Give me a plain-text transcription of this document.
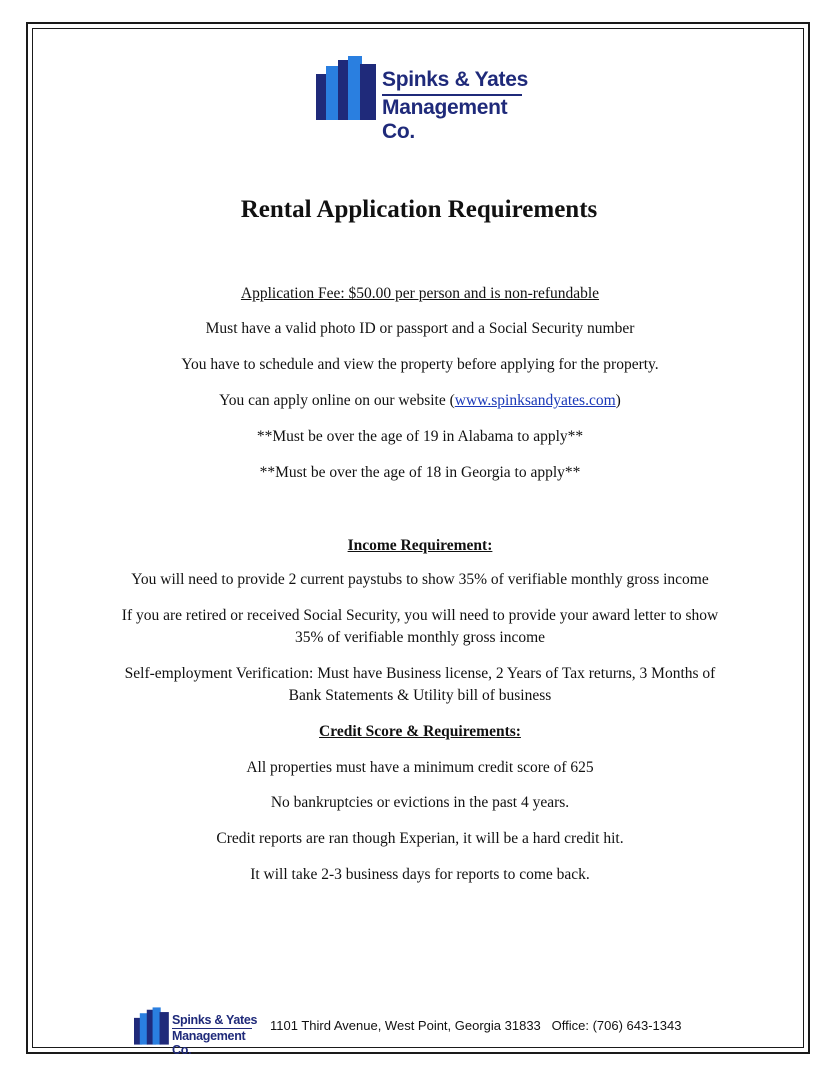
Spinks & Yates
Management Co.
Rental Application Requirements
Application Fee: $50.00 per person and is non-refundable
Must have a valid photo ID or passport and a Social Security number
You have to schedule and view the property before applying for the property.
You can apply online on our website (www.spinksandyates.com)
**Must be over the age of 19 in Alabama to apply**
**Must be over the age of 18 in Georgia to apply**
Income Requirement:
You will need to provide 2 current paystubs to show 35% of verifiable monthly gross income
If you are retired or received Social Security, you will need to provide your award letter to show
35% of verifiable monthly gross income
Self-employment Verification: Must have Business license, 2 Years of Tax returns, 3 Months of
Bank Statements & Utility bill of business
Credit Score & Requirements:
All properties must have a minimum credit score of 625
No bankruptcies or evictions in the past 4 years.
Credit reports are ran though Experian, it will be a hard credit hit.
It will take 2-3 business days for reports to come back.
Spinks & Yates
Management Co.
1101 Third Avenue, West Point, Georgia 31833 Office: (706) 643-1343
